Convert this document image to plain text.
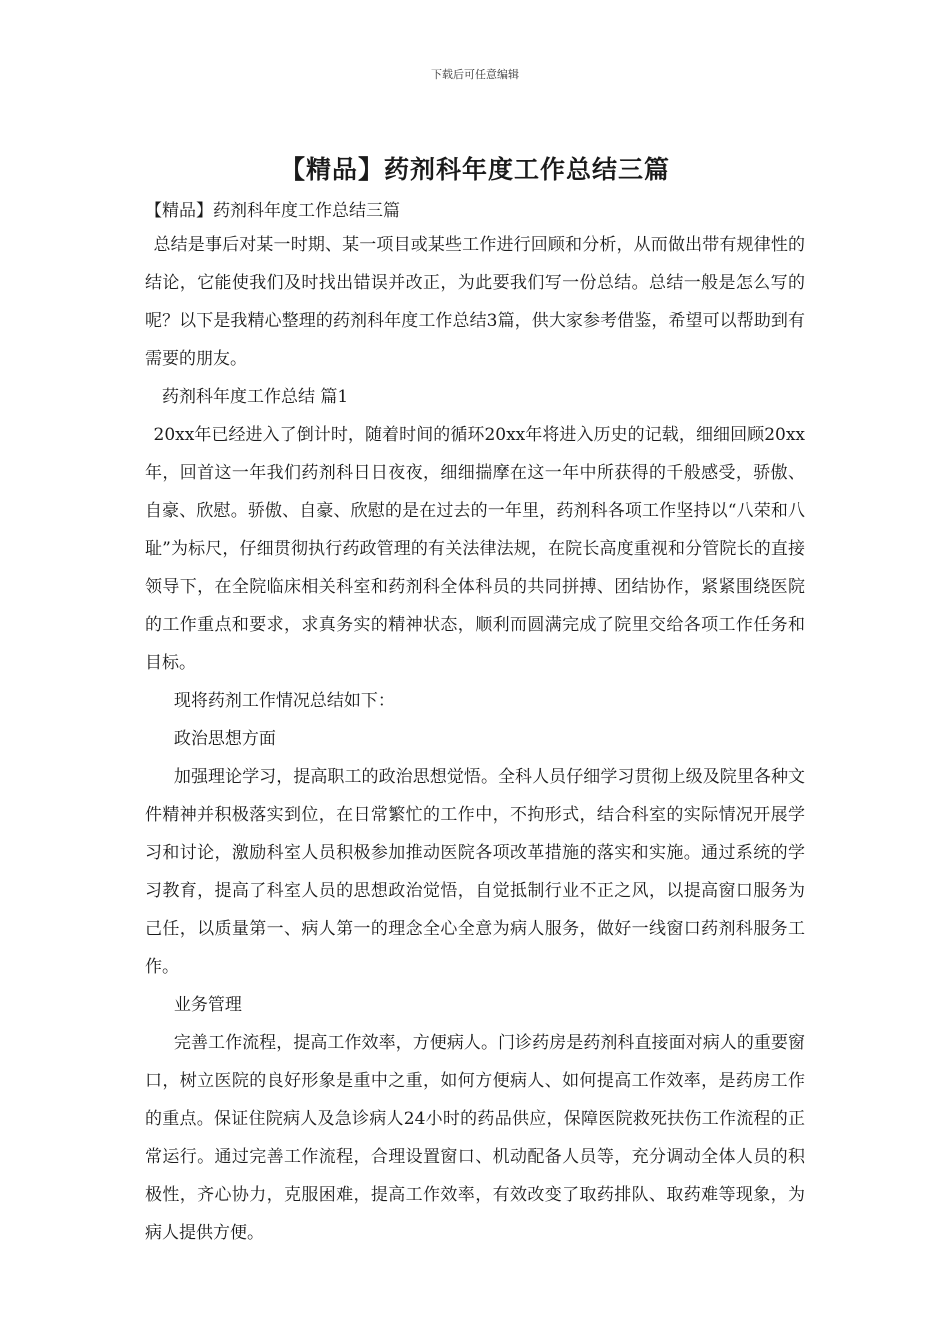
下载后可任意编辑
【精品】药剂科年度工作总结三篇

【精品】药剂科年度工作总结三篇

总结是事后对某一时期、某一项目或某些工作进行回顾和分析，从而做出带有规律性的结论，它能使我们及时找出错误并改正，为此要我们写一份总结。总结一般是怎么写的呢？以下是我精心整理的药剂科年度工作总结3篇，供大家参考借鉴，希望可以帮助到有需要的朋友。

药剂科年度工作总结 篇1

20xx年已经进入了倒计时，随着时间的循环20xx年将进入历史的记载，细细回顾20xx年，回首这一年我们药剂科日日夜夜，细细揣摩在这一年中所获得的千般感受，骄傲、自豪、欣慰。骄傲、自豪、欣慰的是在过去的一年里，药剂科各项工作坚持以“八荣和八耻”为标尺，仔细贯彻执行药政管理的有关法律法规，在院长高度重视和分管院长的直接领导下，在全院临床相关科室和药剂科全体科员的共同拼搏、团结协作，紧紧围绕医院的工作重点和要求，求真务实的精神状态，顺利而圆满完成了院里交给各项工作任务和目标。

现将药剂工作情况总结如下：

政治思想方面

加强理论学习，提高职工的政治思想觉悟。全科人员仔细学习贯彻上级及院里各种文件精神并积极落实到位，在日常繁忙的工作中，不拘形式，结合科室的实际情况开展学习和讨论，激励科室人员积极参加推动医院各项改革措施的落实和实施。通过系统的学习教育，提高了科室人员的思想政治觉悟，自觉抵制行业不正之风，以提高窗口服务为己任，以质量第一、病人第一的理念全心全意为病人服务，做好一线窗口药剂科服务工作。

业务管理

完善工作流程，提高工作效率，方便病人。门诊药房是药剂科直接面对病人的重要窗口，树立医院的良好形象是重中之重，如何方便病人、如何提高工作效率，是药房工作的重点。保证住院病人及急诊病人24小时的药品供应，保障医院救死扶伤工作流程的正常运行。通过完善工作流程，合理设置窗口、机动配备人员等，充分调动全体人员的积极性，齐心协力，克服困难，提高工作效率，有效改变了取药排队、取药难等现象，为病人提供方便。
